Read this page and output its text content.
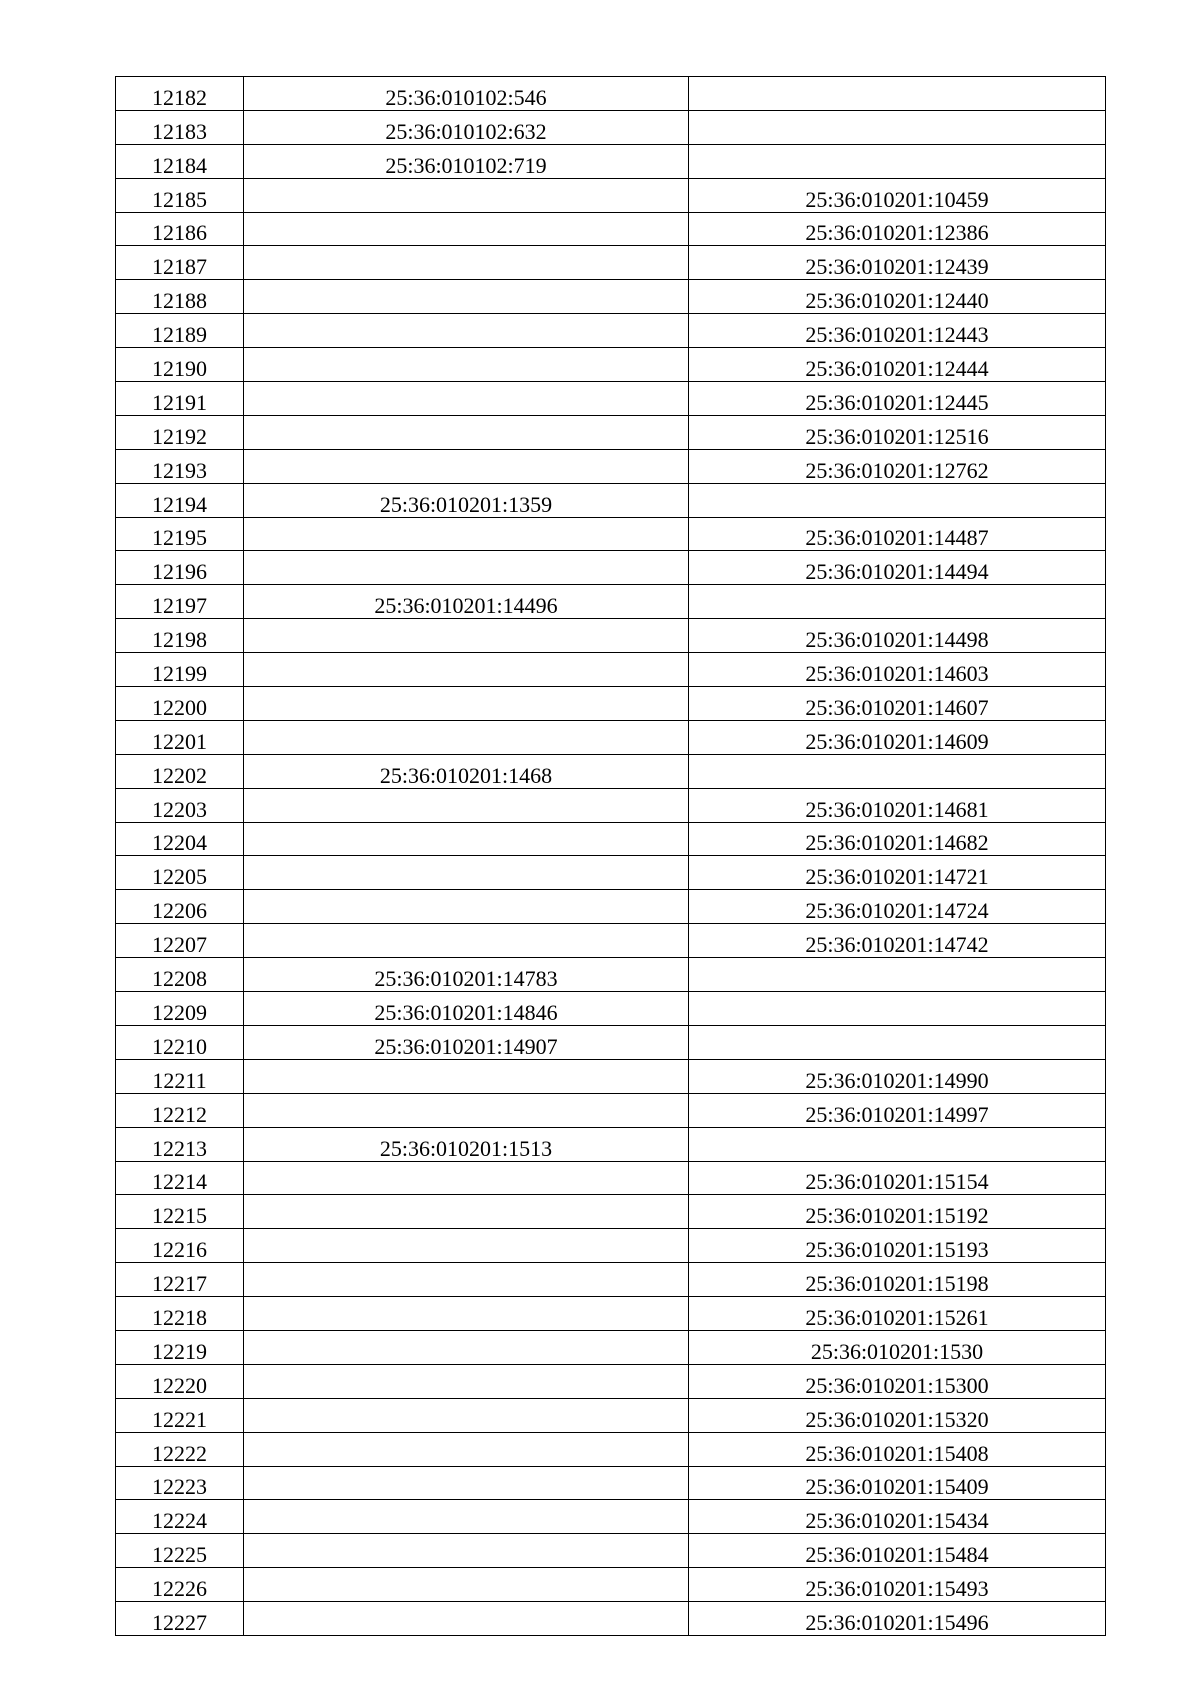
12182	25:36:010102:546	
12183	25:36:010102:632	
12184	25:36:010102:719	
12185		25:36:010201:10459
12186		25:36:010201:12386
12187		25:36:010201:12439
12188		25:36:010201:12440
12189		25:36:010201:12443
12190		25:36:010201:12444
12191		25:36:010201:12445
12192		25:36:010201:12516
12193		25:36:010201:12762
12194	25:36:010201:1359	
12195		25:36:010201:14487
12196		25:36:010201:14494
12197	25:36:010201:14496	
12198		25:36:010201:14498
12199		25:36:010201:14603
12200		25:36:010201:14607
12201		25:36:010201:14609
12202	25:36:010201:1468	
12203		25:36:010201:14681
12204		25:36:010201:14682
12205		25:36:010201:14721
12206		25:36:010201:14724
12207		25:36:010201:14742
12208	25:36:010201:14783	
12209	25:36:010201:14846	
12210	25:36:010201:14907	
12211		25:36:010201:14990
12212		25:36:010201:14997
12213	25:36:010201:1513	
12214		25:36:010201:15154
12215		25:36:010201:15192
12216		25:36:010201:15193
12217		25:36:010201:15198
12218		25:36:010201:15261
12219		25:36:010201:1530
12220		25:36:010201:15300
12221		25:36:010201:15320
12222		25:36:010201:15408
12223		25:36:010201:15409
12224		25:36:010201:15434
12225		25:36:010201:15484
12226		25:36:010201:15493
12227		25:36:010201:15496
